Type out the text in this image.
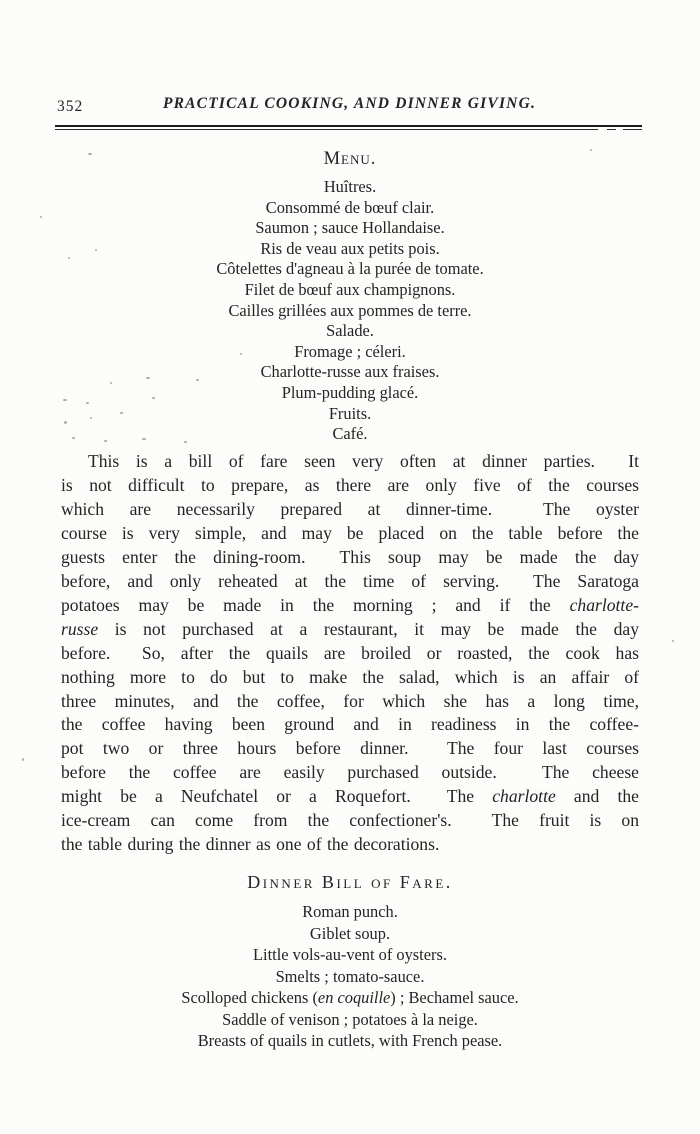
352	PRACTICAL COOKING, AND DINNER GIVING.
Menu.
Huîtres.
Consommé de bœuf clair.
Saumon ; sauce Hollandaise.
Ris de veau aux petits pois.
Côtelettes d'agneau à la purée de tomate.
Filet de bœuf aux champignons.
Cailles grillées aux pommes de terre.
Salade.
Fromage ; céleri.
Charlotte-russe aux fraises.
Plum-pudding glacé.
Fruits.
Café.
This is a bill of fare seen very often at dinner parties.  It
is not difficult to prepare, as there are only five of the courses
which are necessarily prepared at dinner-time.  The oyster
course is very simple, and may be placed on the table before the
guests enter the dining-room.  This soup may be made the day
before, and only reheated at the time of serving.  The Saratoga
potatoes may be made in the morning ; and if the charlotte-
russe is not purchased at a restaurant, it may be made the day
before.  So, after the quails are broiled or roasted, the cook has
nothing more to do but to make the salad, which is an affair of
three minutes, and the coffee, for which she has a long time,
the coffee having been ground and in readiness in the coffee-
pot two or three hours before dinner.  The four last courses
before the coffee are easily purchased outside.  The cheese
might be a Neufchatel or a Roquefort.  The charlotte and the
ice-cream can come from the confectioner's.  The fruit is on
the table during the dinner as one of the decorations.
Dinner Bill of Fare.
Roman punch.
Giblet soup.
Little vols-au-vent of oysters.
Smelts ; tomato-sauce.
Scolloped chickens (en coquille) ; Bechamel sauce.
Saddle of venison ; potatoes à la neige.
Breasts of quails in cutlets, with French pease.
